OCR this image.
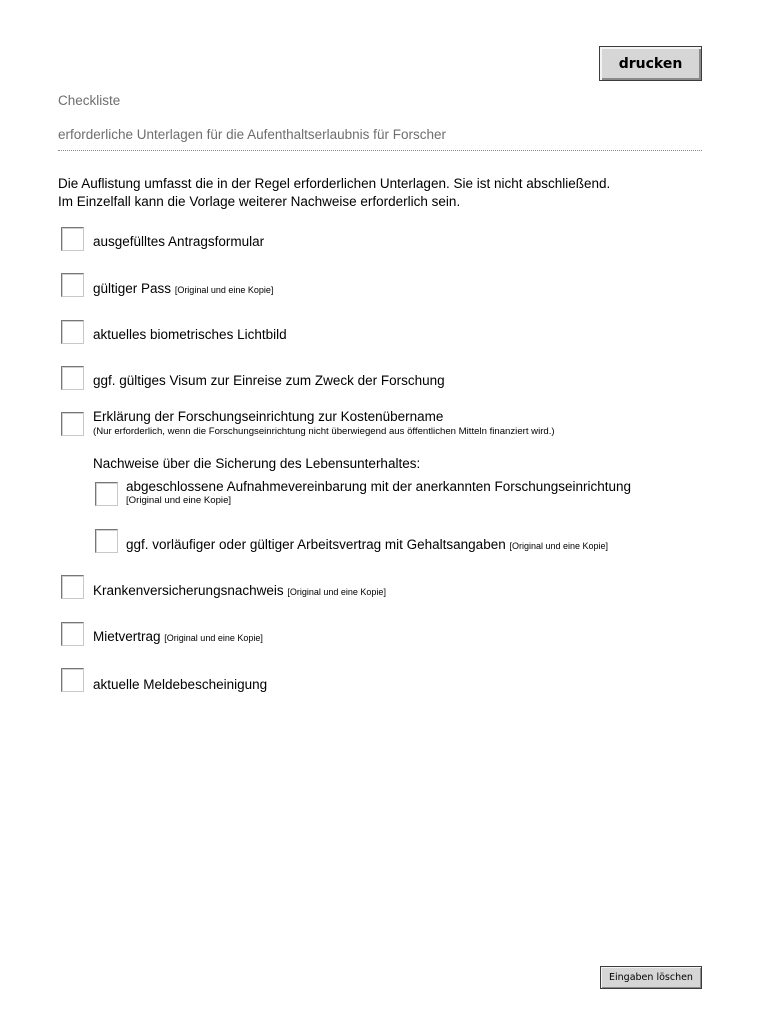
drucken
Checkliste
erforderliche Unterlagen für die Aufenthaltserlaubnis für Forscher
Die Auflistung umfasst die in der Regel erforderlichen Unterlagen. Sie ist nicht abschließend.
Im Einzelfall kann die Vorlage weiterer Nachweise erforderlich sein.
ausgefülltes Antragsformular
gültiger Pass [Original und eine Kopie]
aktuelles biometrisches Lichtbild
ggf. gültiges Visum zur Einreise zum Zweck der Forschung
Erklärung der Forschungseinrichtung zur Kostenübername
(Nur erforderlich, wenn die Forschungseinrichtung nicht überwiegend aus öffentlichen Mitteln finanziert wird.)
Nachweise über die Sicherung des Lebensunterhaltes:
abgeschlossene Aufnahmevereinbarung mit der anerkannten Forschungseinrichtung
[Original und eine Kopie]
ggf. vorläufiger oder gültiger Arbeitsvertrag mit Gehaltsangaben [Original und eine Kopie]
Krankenversicherungsnachweis [Original und eine Kopie]
Mietvertrag [Original und eine Kopie]
aktuelle Meldebescheinigung
Eingaben löschen
